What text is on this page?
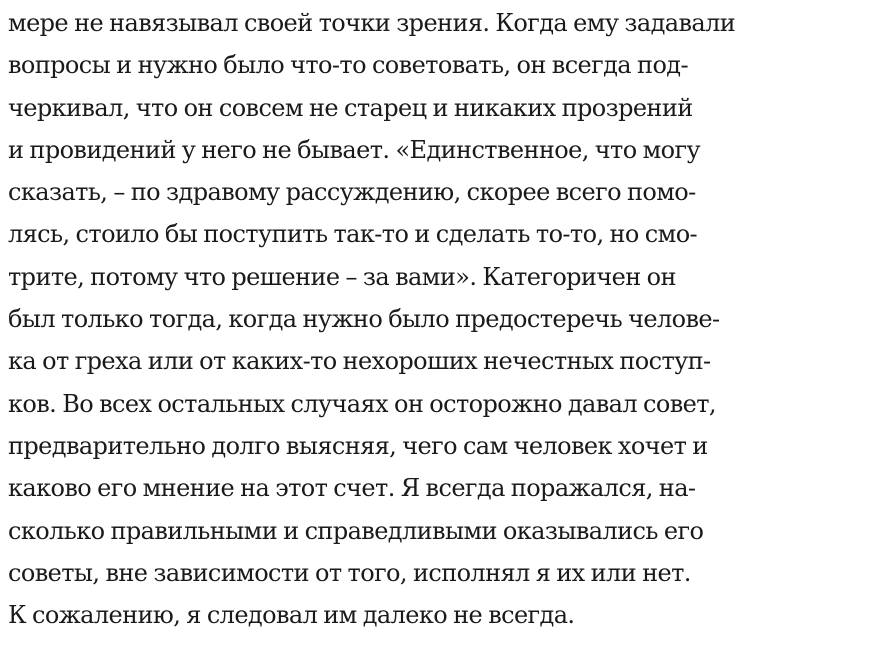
мере не навязывал своей точки зрения. Когда ему задавали
вопросы и нужно было что-то советовать, он всегда под-
черкивал, что он совсем не старец и никаких прозрений
и провидений у него не бывает. «Единственное, что могу
сказать, – по здравому рассуждению, скорее всего помо-
лясь, стоило бы поступить так-то и сделать то-то, но смо-
трите, потому что решение – за вами». Категоричен он
был только тогда, когда нужно было предостеречь челове-
ка от греха или от каких-то нехороших нечестных поступ-
ков. Во всех остальных случаях он осторожно давал совет,
предварительно долго выясняя, чего сам человек хочет и
каково его мнение на этот счет. Я всегда поражался, на-
сколько правильными и справедливыми оказывались его
советы, вне зависимости от того, исполнял я их или нет.
К сожалению, я следовал им далеко не всегда.
